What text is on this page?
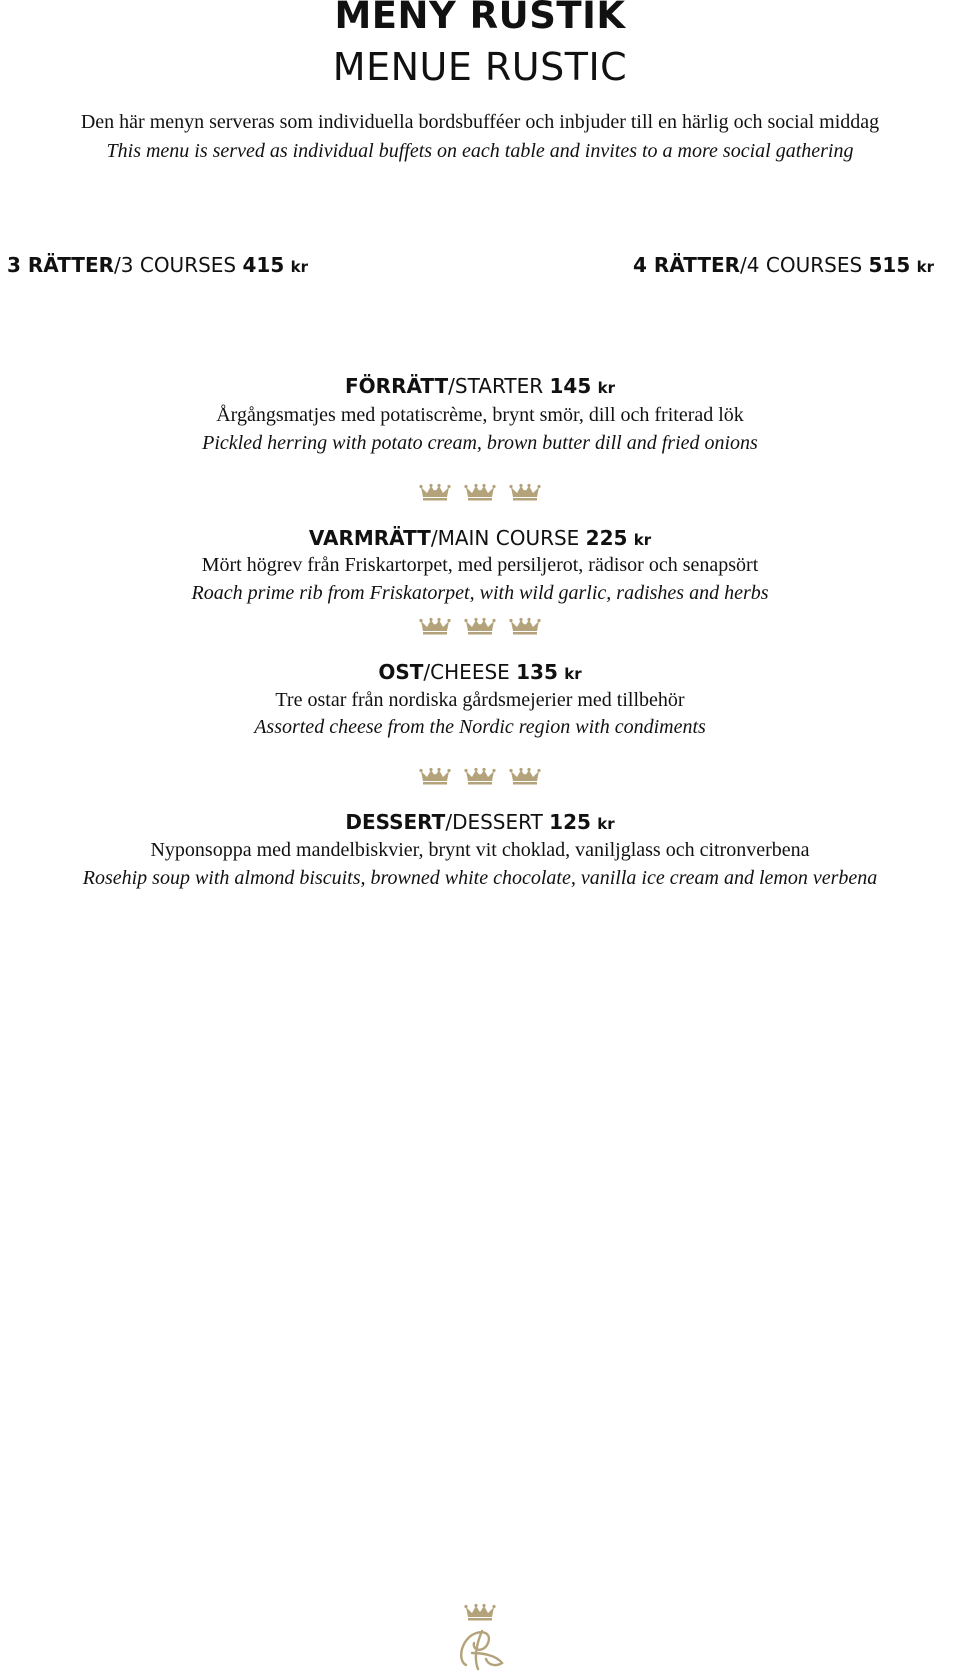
MENY RUSTIK
MENUE RUSTIC
Den här menyn serveras som individuella bordsbufféer och inbjuder till en härlig och social middag
This menu is served as individual buffets on each table and invites to a more social gathering
3 RÄTTER/3 COURSES 415 kr	4 RÄTTER/4 COURSES 515 kr
FÖRRÄTT/STARTER 145 kr
Årgångsmatjes med potatiscrème, brynt smör, dill och friterad lök
Pickled herring with potato cream, brown butter dill and fried onions
VARMRÄTT/MAIN COURSE 225 kr
Mört högrev från Friskartorpet, med persiljerot, rädisor och senapsört
Roach prime rib from Friskatorpet, with wild garlic, radishes and herbs
OST/CHEESE 135 kr
Tre ostar från nordiska gårdsmejerier med tillbehör
Assorted cheese from the Nordic region with condiments
DESSERT/DESSERT 125 kr
Nyponsoppa med mandelbiskvier, brynt vit choklad, vaniljglass och citronverbena
Rosehip soup with almond biscuits, browned white chocolate, vanilla ice cream and lemon verbena
